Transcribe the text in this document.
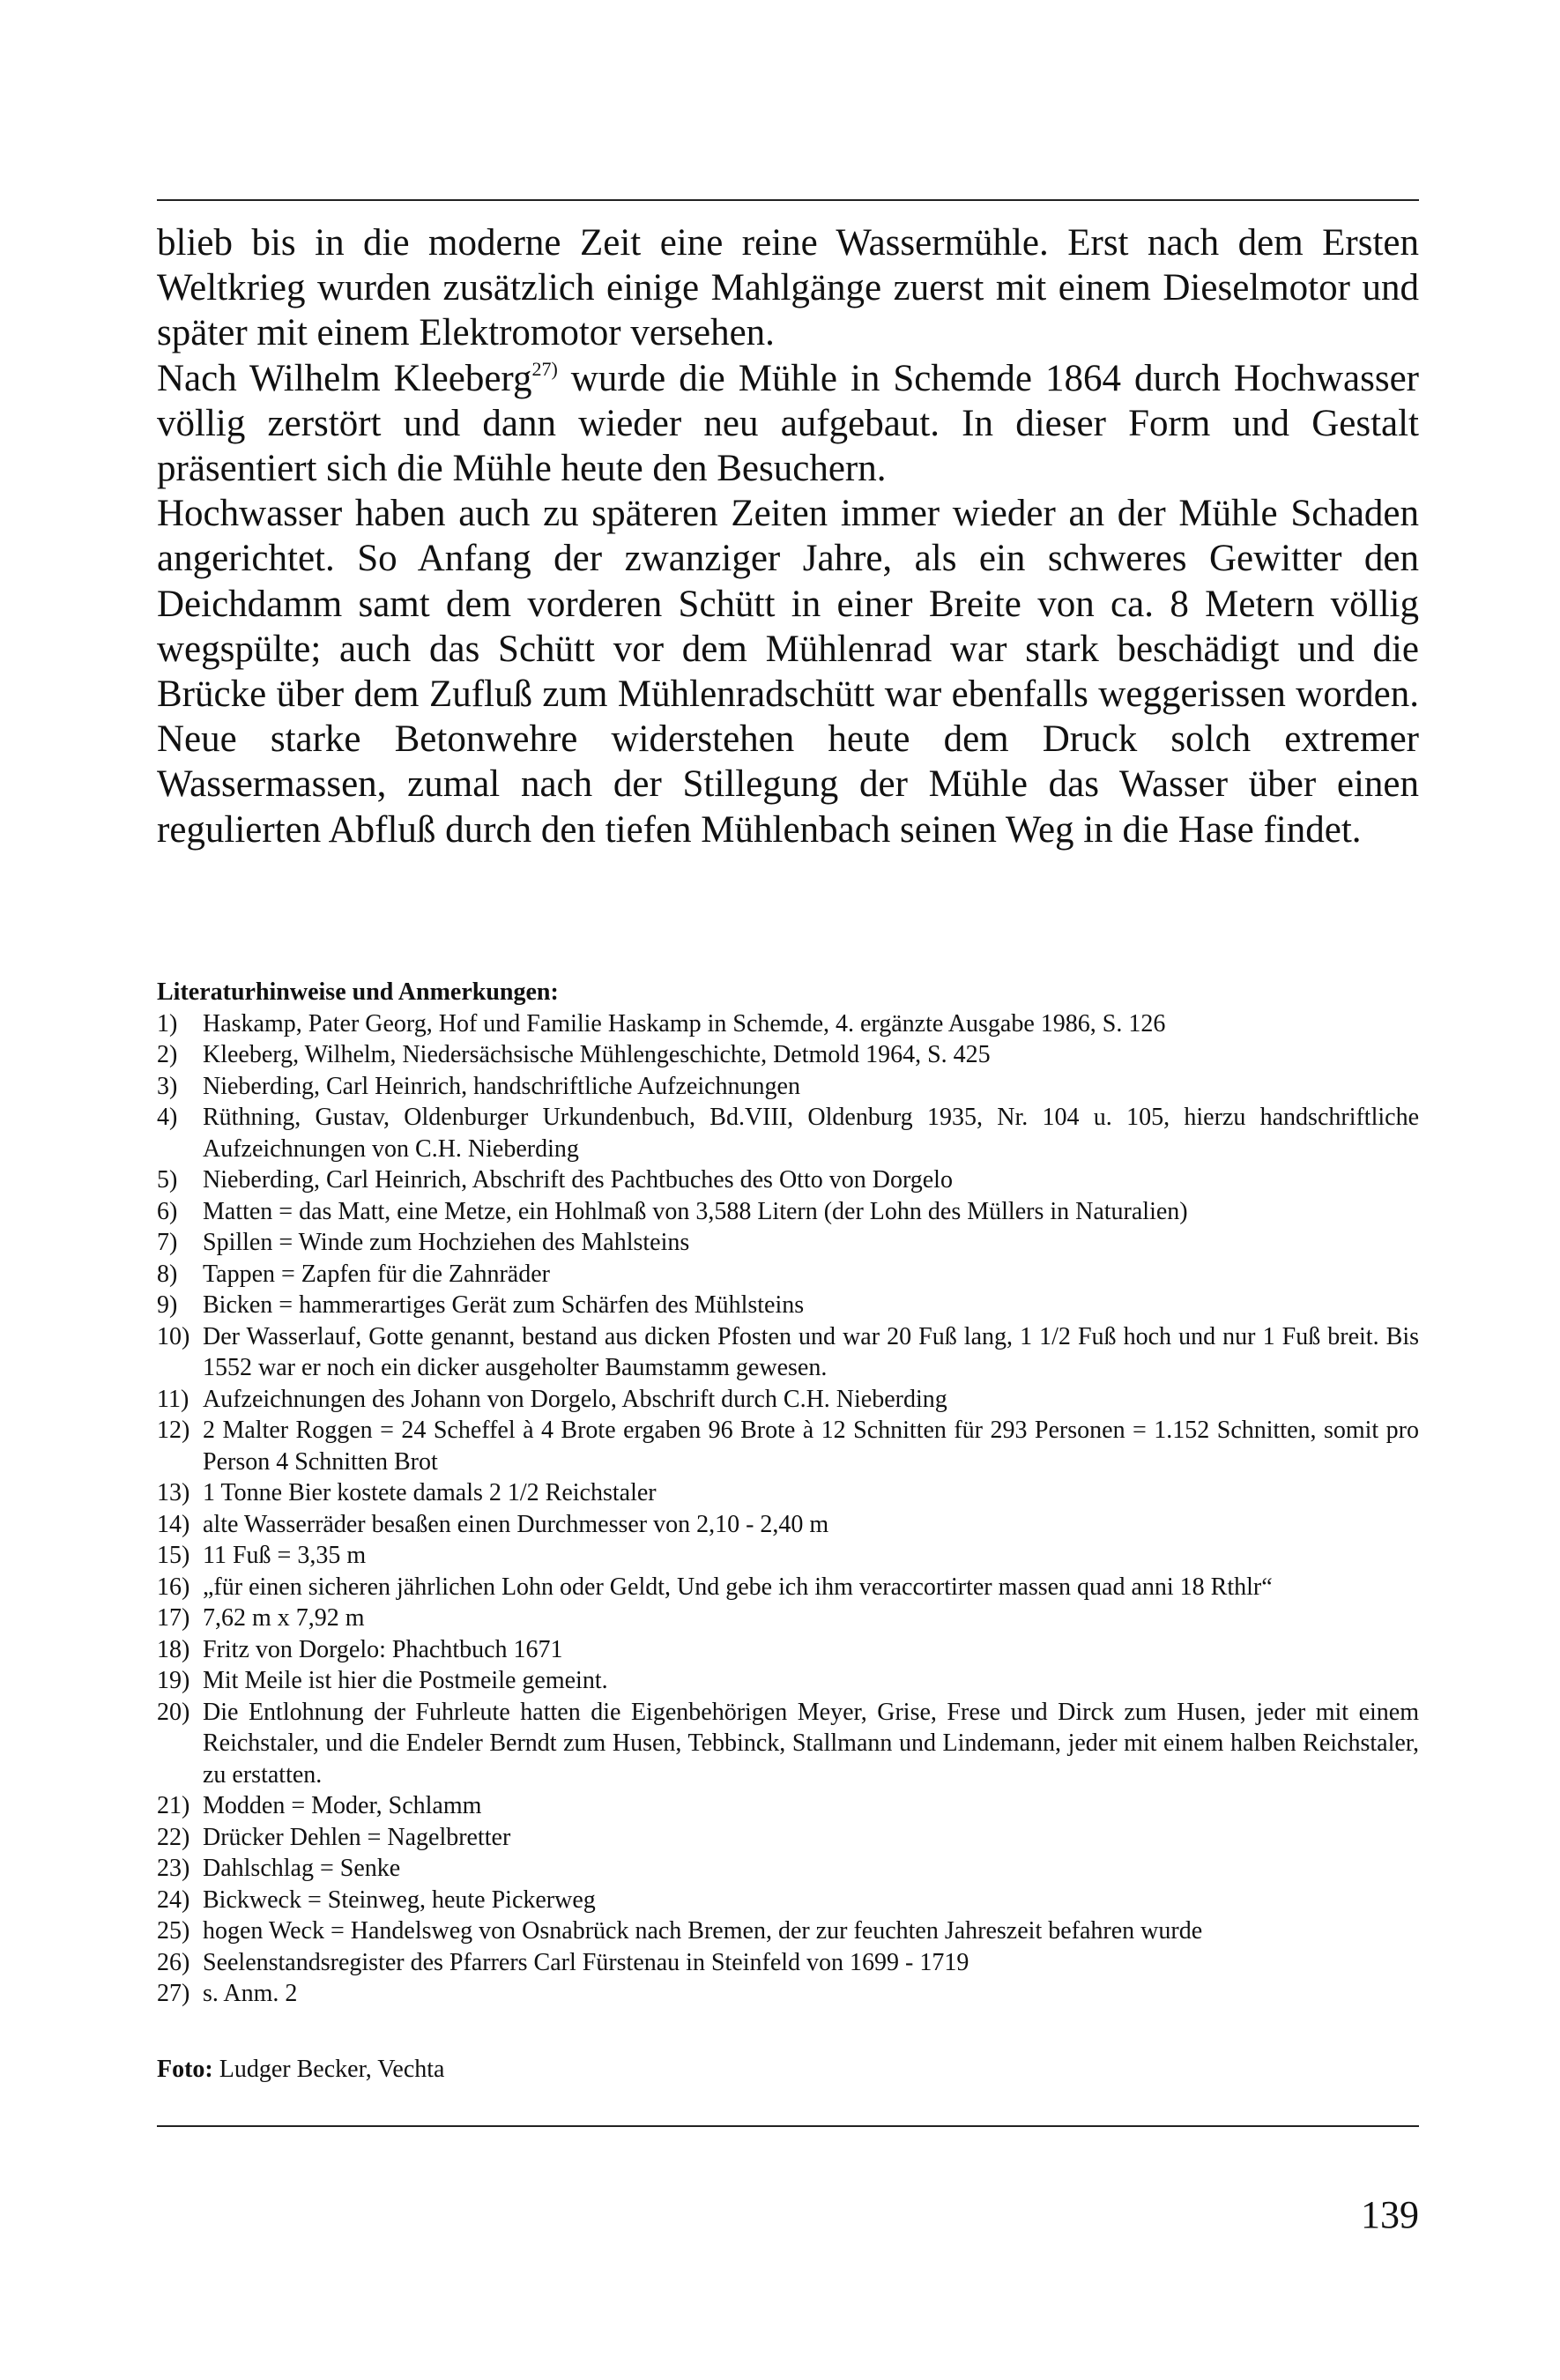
blieb bis in die moderne Zeit eine reine Wassermühle. Erst nach dem Ersten Weltkrieg wurden zusätzlich einige Mahlgänge zuerst mit einem Dieselmotor und später mit einem Elektromotor versehen.

Nach Wilhelm Kleeberg$^{27)}$ wurde die Mühle in Schemde 1864 durch Hochwasser völlig zerstört und dann wieder neu aufgebaut. In dieser Form und Gestalt präsentiert sich die Mühle heute den Besuchern.

Hochwasser haben auch zu späteren Zeiten immer wieder an der Mühle Schaden angerichtet. So Anfang der zwanziger Jahre, als ein schweres Gewitter den Deichdamm samt dem vorderen Schütt in einer Breite von ca. 8 Metern völlig wegspülte; auch das Schütt vor dem Mühlenrad war stark beschädigt und die Brücke über dem Zufluß zum Mühlenradschütt war ebenfalls weggerissen worden. Neue starke Betonwehre widerstehen heute dem Druck solch extremer Wassermassen, zumal nach der Stillegung der Mühle das Wasser über einen regulierten Abfluß durch den tiefen Mühlenbach seinen Weg in die Hase findet.

Literaturhinweise und Anmerkungen:

1)	Haskamp, Pater Georg, Hof und Familie Haskamp in Schemde, 4. ergänzte Ausgabe 1986, S. 126
2)	Kleeberg, Wilhelm, Niedersächsische Mühlengeschichte, Detmold 1964, S. 425
3)	Nieberding, Carl Heinrich, handschriftliche Aufzeichnungen
4)	Rüthning, Gustav, Oldenburger Urkundenbuch, Bd.VIII, Oldenburg 1935, Nr. 104 u. 105, hierzu handschriftliche Aufzeichnungen von C.H. Nieberding
5)	Nieberding, Carl Heinrich, Abschrift des Pachtbuches des Otto von Dorgelo
6)	Matten = das Matt, eine Metze, ein Hohlmaß von 3,588 Litern (der Lohn des Müllers in Naturalien)
7)	Spillen = Winde zum Hochziehen des Mahlsteins
8)	Tappen = Zapfen für die Zahnräder
9)	Bicken = hammerartiges Gerät zum Schärfen des Mühlsteins
10) Der Wasserlauf, Gotte genannt, bestand aus dicken Pfosten und war 20 Fuß lang, 1 1/2 Fuß hoch und nur 1 Fuß breit. Bis 1552 war er noch ein dicker ausgeholter Baumstamm gewesen.
11) Aufzeichnungen des Johann von Dorgelo, Abschrift durch C.H. Nieberding
12) 2 Malter Roggen = 24 Scheffel à 4 Brote ergaben 96 Brote à 12 Schnitten für 293 Personen = 1.152 Schnitten, somit pro Person 4 Schnitten Brot
13) 1 Tonne Bier kostete damals 2 1/2 Reichstaler
14) alte Wasserräder besaßen einen Durchmesser von 2,10 - 2,40 m
15) 11 Fuß = 3,35 m
16) „für einen sicheren jährlichen Lohn oder Geldt, Und gebe ich ihm veraccortirter massen quad anni 18 Rthlr“
17) 7,62 m x 7,92 m
18) Fritz von Dorgelo: Phachtbuch 1671
19) Mit Meile ist hier die Postmeile gemeint.
20) Die Entlohnung der Fuhrleute hatten die Eigenbehörigen Meyer, Grise, Frese und Dirck zum Husen, jeder mit einem Reichstaler, und die Endeler Berndt zum Husen, Tebbinck, Stallmann und Lindemann, jeder mit einem halben Reichstaler, zu erstatten.
21) Modden = Moder, Schlamm
22) Drücker Dehlen = Nagelbretter
23) Dahlschlag = Senke
24) Bickweck = Steinweg, heute Pickerweg
25) hogen Weck = Handelsweg von Osnabrück nach Bremen, der zur feuchten Jahreszeit befahren wurde
26) Seelenstandsregister des Pfarrers Carl Fürstenau in Steinfeld von 1699 - 1719
27) s. Anm. 2
Foto: Ludger Becker, Vechta
139
